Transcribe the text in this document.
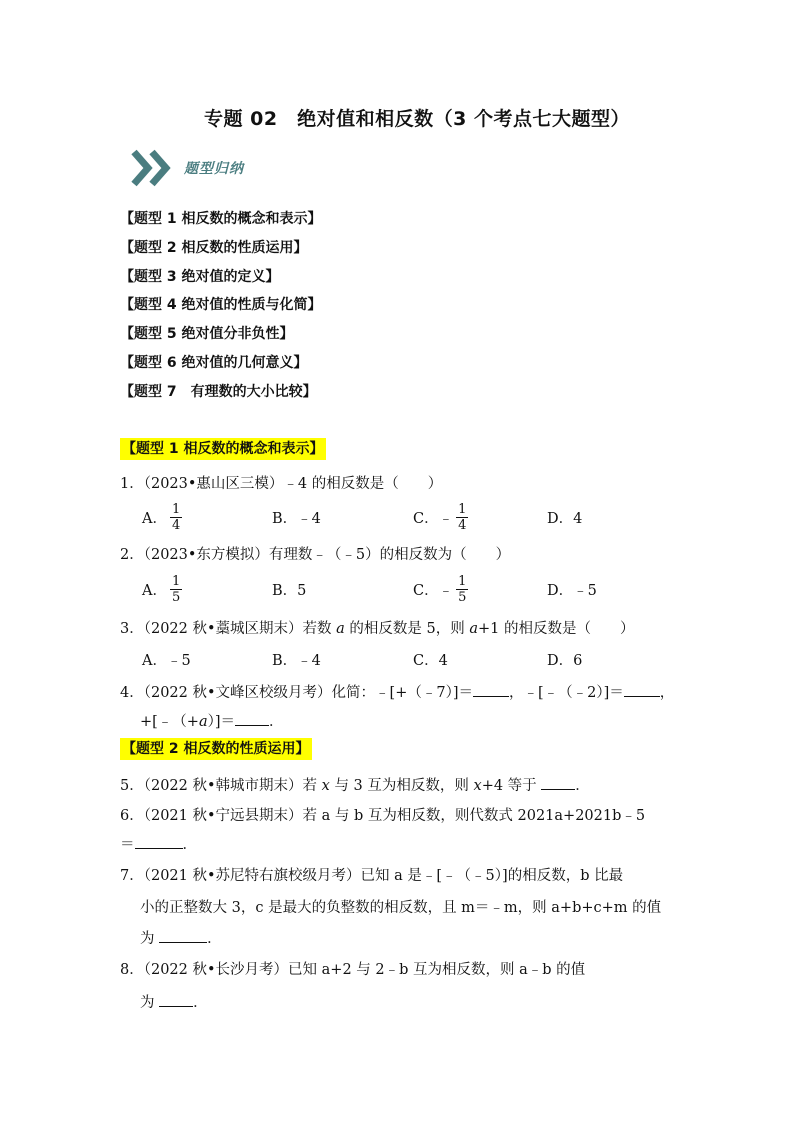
专题 02　绝对值和相反数（3 个考点七大题型）
题型归纳
【题型 1 相反数的概念和表示】
【题型 2 相反数的性质运用】
【题型 3 绝对值的定义】
【题型 4 绝对值的性质与化简】
【题型 5 绝对值分非负性】
【题型 6 绝对值的几何意义】
【题型 7　有理数的大小比较】
【题型 1 相反数的概念和表示】
1．（2023•惠山区三模）﹣4 的相反数是（　　）
A． $\frac{1}{4}$	B．﹣4	C．﹣ $\frac{1}{4}$	D．4
2．（2023•东方模拟）有理数﹣（﹣5）的相反数为（　　）
A． $\frac{1}{5}$	B．5	C．﹣ $\frac{1}{5}$	D．﹣5
3．（2022 秋•藁城区期末）若数 a 的相反数是 5，则 a+1 的相反数是（　　）
A．﹣5	B．﹣4	C．4	D．6
4．（2022 秋•文峰区校级月考）化简：﹣[+（﹣7）]＝ ，﹣[﹣（﹣2）]＝ ，
+[﹣（+a）]＝ ．
【题型 2 相反数的性质运用】
5．（2022 秋•韩城市期末）若 x 与 3 互为相反数，则 x+4 等于 ．
6．（2021 秋•宁远县期末）若 a 与 b 互为相反数，则代数式 2021a+2021b﹣5
＝	．
7．（2021 秋•苏尼特右旗校级月考）已知 a 是﹣[﹣（﹣5）]的相反数，b 比最
小的正整数大 3，c 是最大的负整数的相反数，且 m＝﹣m，则 a+b+c+m 的值
为	．
8．（2022 秋•长沙月考）已知 a+2 与 2﹣b 互为相反数，则 a﹣b 的值
为 ．
